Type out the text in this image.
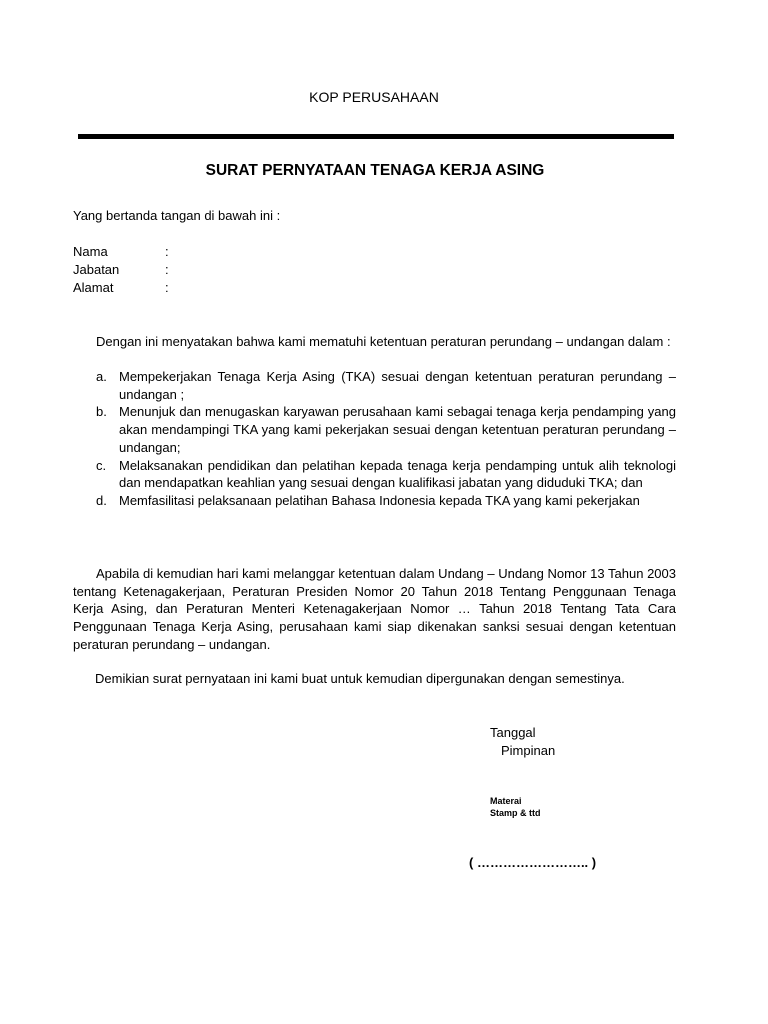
KOP PERUSAHAAN
SURAT PERNYATAAN TENAGA KERJA ASING
Yang bertanda tangan di bawah ini :
Nama	:
Jabatan	:
Alamat	:
Dengan ini menyatakan bahwa kami mematuhi ketentuan peraturan perundang – undangan dalam :
a. Mempekerjakan Tenaga Kerja Asing (TKA) sesuai dengan ketentuan peraturan perundang – undangan ;
b. Menunjuk dan menugaskan karyawan perusahaan kami sebagai tenaga kerja pendamping yang akan mendampingi TKA yang kami pekerjakan sesuai dengan ketentuan peraturan perundang – undangan;
c. Melaksanakan pendidikan dan pelatihan kepada tenaga kerja pendamping untuk alih teknologi dan mendapatkan keahlian yang sesuai dengan kualifikasi jabatan yang diduduki TKA; dan
d. Memfasilitasi pelaksanaan pelatihan Bahasa Indonesia kepada TKA yang kami pekerjakan
Apabila di kemudian hari kami melanggar ketentuan dalam Undang – Undang Nomor 13 Tahun 2003 tentang Ketenagakerjaan, Peraturan Presiden Nomor 20 Tahun 2018 Tentang Penggunaan Tenaga Kerja Asing, dan Peraturan Menteri Ketenagakerjaan Nomor … Tahun 2018 Tentang Tata Cara Penggunaan Tenaga Kerja Asing, perusahaan kami siap dikenakan sanksi sesuai dengan ketentuan peraturan perundang – undangan.
Demikian surat pernyataan ini kami buat untuk kemudian dipergunakan dengan semestinya.
Tanggal
Pimpinan
Materai
Stamp & ttd
( …………………….. )
